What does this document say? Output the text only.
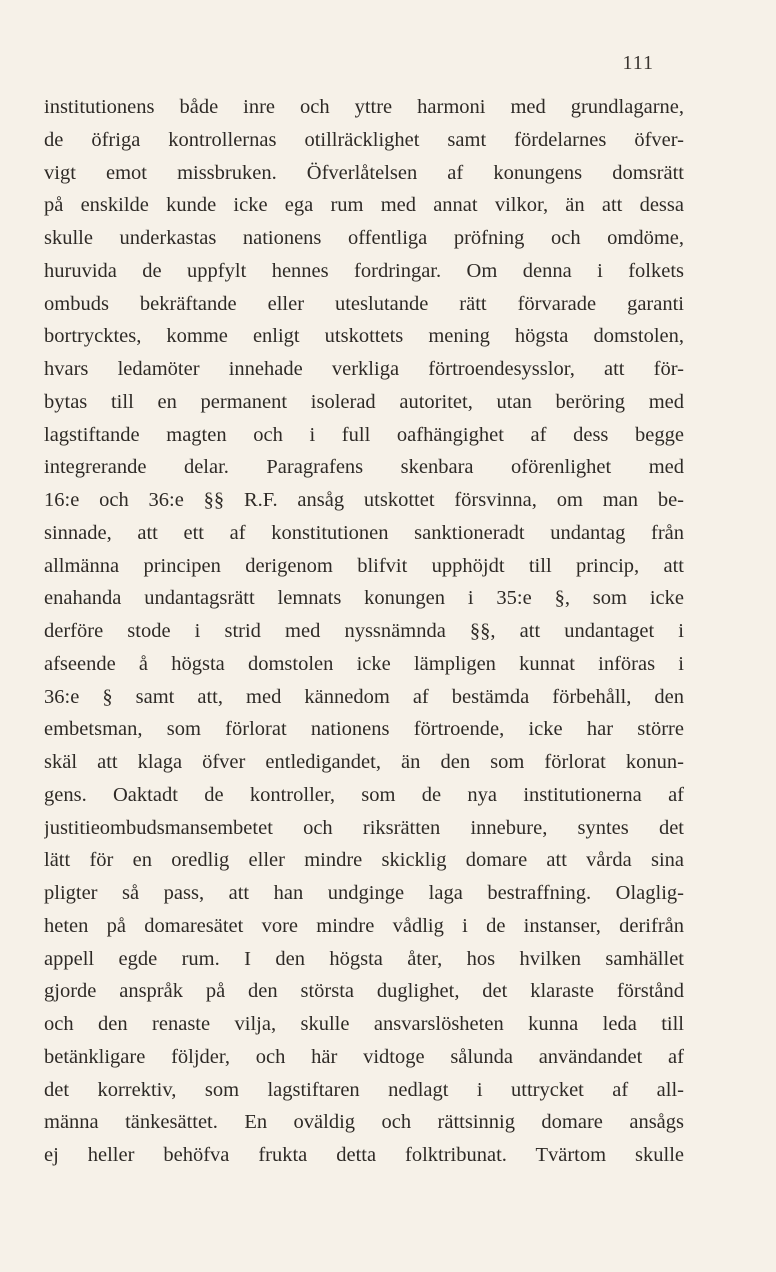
111
institutionens både inre och yttre harmoni med grundlagarne,
de öfriga kontrollernas otillräcklighet samt fördelarnes öfver-
vigt emot missbruken. Öfverlåtelsen af konungens domsrätt
på enskilde kunde icke ega rum med annat vilkor, än att dessa
skulle underkastas nationens offentliga pröfning och omdöme,
huruvida de uppfylt hennes fordringar. Om denna i folkets
ombuds bekräftande eller uteslutande rätt förvarade garanti
bortrycktes, komme enligt utskottets mening högsta domstolen,
hvars ledamöter innehade verkliga förtroendesysslor, att för-
bytas till en permanent isolerad autoritet, utan beröring med
lagstiftande magten och i full oafhängighet af dess begge
integrerande delar. Paragrafens skenbara oförenlighet med
16:e och 36:e §§ R.F. ansåg utskottet försvinna, om man be-
sinnade, att ett af konstitutionen sanktioneradt undantag från
allmänna principen derigenom blifvit upphöjdt till princip, att
enahanda undantagsrätt lemnats konungen i 35:e §, som icke
derföre stode i strid med nyssnämnda §§, att undantaget i
afseende å högsta domstolen icke lämpligen kunnat införas i
36:e § samt att, med kännedom af bestämda förbehåll, den
embetsman, som förlorat nationens förtroende, icke har större
skäl att klaga öfver entledigandet, än den som förlorat konun-
gens. Oaktadt de kontroller, som de nya institutionerna af
justitieombudsmansembetet och riksrätten innebure, syntes det
lätt för en oredlig eller mindre skicklig domare att vårda sina
pligter så pass, att han undginge laga bestraffning. Olaglig-
heten på domaresätet vore mindre vådlig i de instanser, derifrån
appell egde rum. I den högsta åter, hos hvilken samhället
gjorde anspråk på den största duglighet, det klaraste förstånd
och den renaste vilja, skulle ansvarslösheten kunna leda till
betänkligare följder, och här vidtoge sålunda användandet af
det korrektiv, som lagstiftaren nedlagt i uttrycket af all-
männa tänkesättet. En oväldig och rättsinnig domare ansågs
ej heller behöfva frukta detta folktribunat. Tvärtom skulle
